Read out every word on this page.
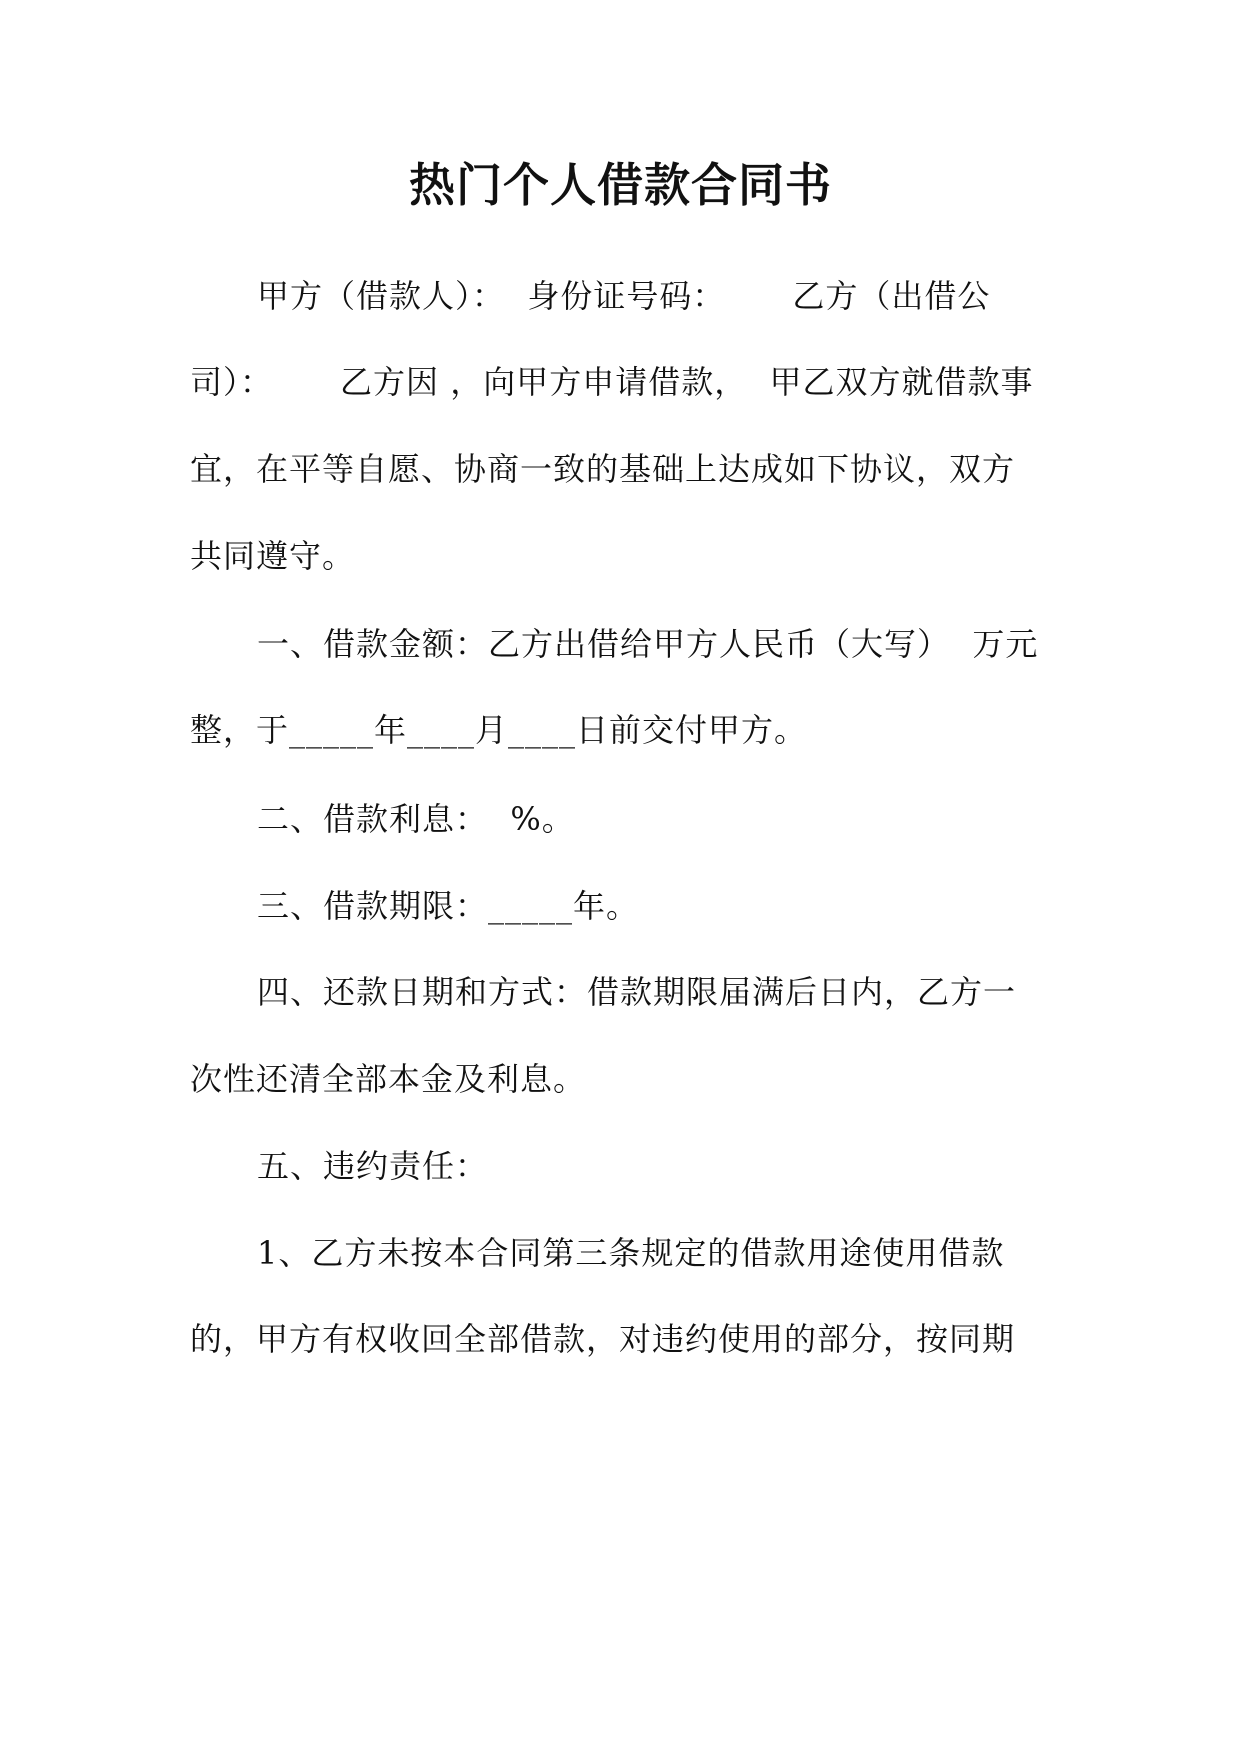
热门个人借款合同书
甲方（借款人）：  身份证号码：      乙方（出借公
司）：      乙方因 ，向甲方申请借款，  甲乙双方就借款事
宜，在平等自愿、协商一致的基础上达成如下协议，双方
共同遵守。
一、借款金额：乙方出借给甲方人民币（大写）  万元
整，于_____年____月____日前交付甲方。
二、借款利息：  %。
三、借款期限：_____年。
四、还款日期和方式：借款期限届满后日内，乙方一
次性还清全部本金及利息。
五、违约责任：
1、乙方未按本合同第三条规定的借款用途使用借款
的，甲方有权收回全部借款，对违约使用的部分，按同期
